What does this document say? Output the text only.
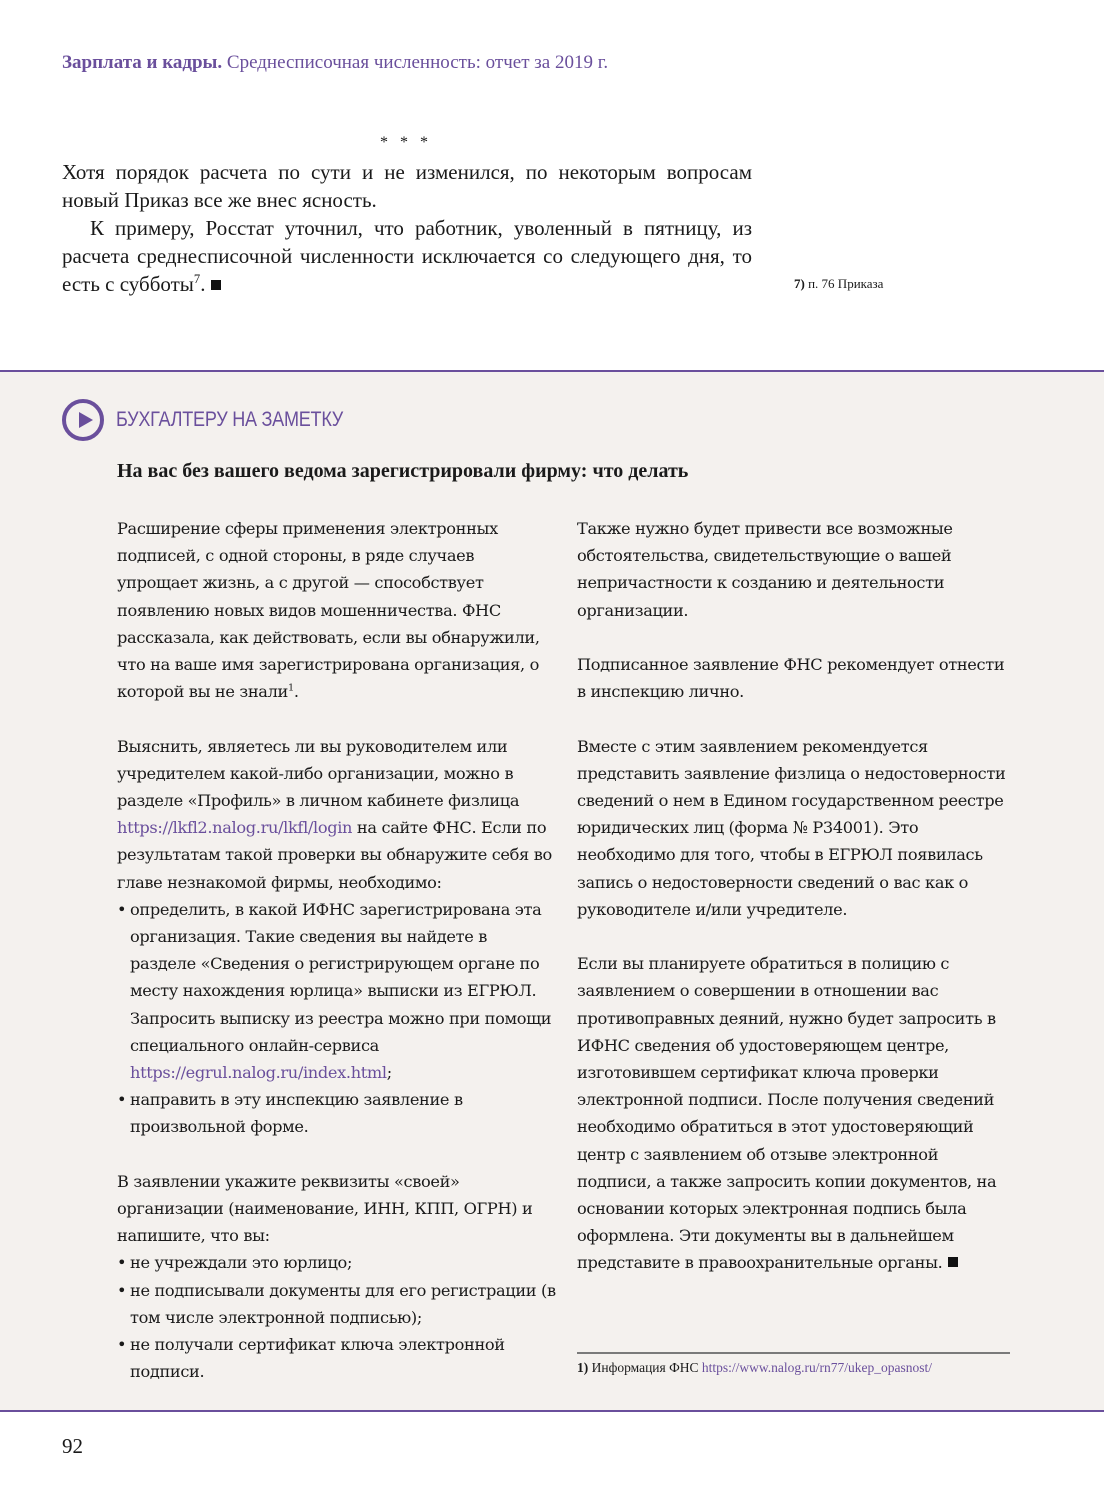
Зарплата и кадры. Среднесписочная численность: отчет за 2019 г.
* * *

Хотя порядок расчета по сути и не изменился, по некоторым вопросам новый Приказ все же внес ясность.

К примеру, Росстат уточнил, что работник, уволенный в пятницу, из расчета среднесписочной численности исключается со следующего дня, то есть с субботы$^7$.	7) п. 76 Приказа
БУХГАЛТЕРУ НА ЗАМЕТКУ
На вас без вашего ведома зарегистрировали фирму: что делать

Расширение сферы применения электронных подписей, с одной стороны, в ряде случаев упрощает жизнь, а с другой — способствует появлению новых видов мошенничества. ФНС рассказала, как действовать, если вы обнаружили, что на ваше имя зарегистрирована организация, о которой вы не знали$^1$.

Выяснить, являетесь ли вы руководителем или учредителем какой-либо организации, можно в разделе «Профиль» в личном кабинете физлица https://lkfl2.nalog.ru/lkfl/login на сайте ФНС. Если по результатам такой проверки вы обнаружите себя во главе незнакомой фирмы, необходимо:

• определить, в какой ИФНС зарегистрирована эта организация. Такие сведения вы найдете в разделе «Сведения о регистрирующем органе по месту нахождения юрлица» выписки из ЕГРЮЛ. Запросить выписку из реестра можно при помощи специального онлайн-сервиса https://egrul.nalog.ru/index.html;
• направить в эту инспекцию заявление в произвольной форме.

В заявлении укажите реквизиты «своей» организации (наименование, ИНН, КПП, ОГРН) и напишите, что вы:

• не учреждали это юрлицо;
• не подписывали документы для его регистрации (в том числе электронной подписью);
• не получали сертификат ключа электронной подписи.

Также нужно будет привести все возможные обстоятельства, свидетельствующие о вашей непричастности к созданию и деятельности организации.

Подписанное заявление ФНС рекомендует отнести в инспекцию лично.

Вместе с этим заявлением рекомендуется представить заявление физлица о недостоверности сведений о нем в Едином государственном реестре юридических лиц (форма № Р34001). Это необходимо для того, чтобы в ЕГРЮЛ появилась запись о недостоверности сведений о вас как о руководителе и/или учредителе.

Если вы планируете обратиться в полицию с заявлением о совершении в отношении вас противоправных деяний, нужно будет запросить в ИФНС сведения об удостоверяющем центре, изготовившем сертификат ключа проверки электронной подписи. После получения сведений необходимо обратиться в этот удостоверяющий центр с заявлением об отзыве электронной подписи, а также запросить копии документов, на основании которых электронная подпись была оформлена. Эти документы вы в дальнейшем представите в правоохранительные органы.

1) Информация ФНС https://www.nalog.ru/rn77/ukep_opasnost/
92
